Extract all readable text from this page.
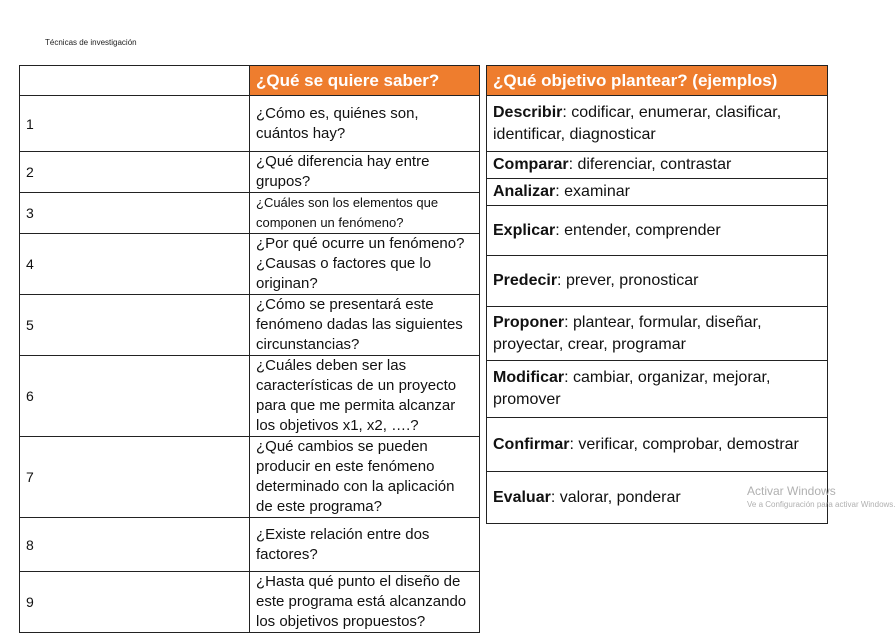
Técnicas de investigación
	¿Qué se quiere saber?
1	¿Cómo es, quiénes son, cuántos hay?
2	¿Qué diferencia hay entre grupos?
3	¿Cuáles son los elementos que componen un fenómeno?
4	¿Por qué ocurre un fenómeno? ¿Causas o factores que lo originan?
5	¿Cómo se presentará este fenómeno dadas las siguientes circunstancias?
6	¿Cuáles deben ser las características de un proyecto para que me permita alcanzar los objetivos x1, x2, ….?
7	¿Qué cambios se pueden producir en este fenómeno determinado con la aplicación de este programa?
8	¿Existe relación entre dos factores?
9	¿Hasta qué punto el diseño de este programa está alcanzando los objetivos propuestos?
¿Qué objetivo plantear? (ejemplos)
Describir: codificar, enumerar, clasificar, identificar, diagnosticar
Comparar: diferenciar, contrastar
Analizar: examinar
Explicar: entender, comprender
Predecir: prever, pronosticar
Proponer: plantear, formular, diseñar, proyectar, crear, programar
Modificar: cambiar, organizar, mejorar, promover
Confirmar: verificar, comprobar, demostrar
Evaluar: valorar, ponderar	Activar Windows
Ve a Configuración para activar Windows.
